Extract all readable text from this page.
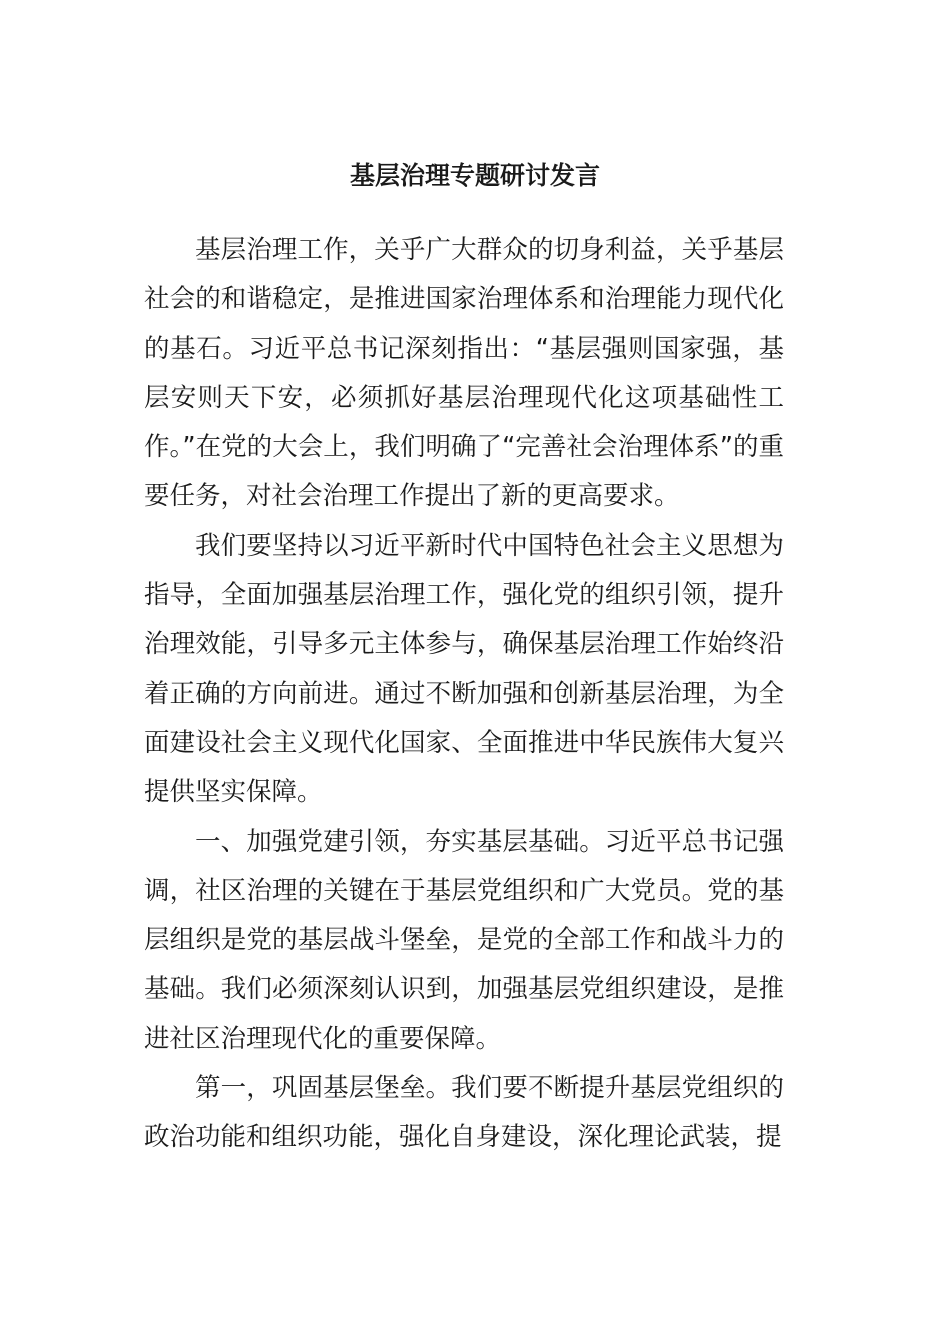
基层治理专题研讨发言

基层治理工作，关乎广大群众的切身利益，关乎基层社会的和谐稳定，是推进国家治理体系和治理能力现代化的基石。习近平总书记深刻指出：“基层强则国家强，基层安则天下安，必须抓好基层治理现代化这项基础性工作。”在党的大会上，我们明确了“完善社会治理体系”的重要任务，对社会治理工作提出了新的更高要求。

我们要坚持以习近平新时代中国特色社会主义思想为指导，全面加强基层治理工作，强化党的组织引领，提升治理效能，引导多元主体参与，确保基层治理工作始终沿着正确的方向前进。通过不断加强和创新基层治理，为全面建设社会主义现代化国家、全面推进中华民族伟大复兴提供坚实保障。

一、加强党建引领，夯实基层基础。习近平总书记强调，社区治理的关键在于基层党组织和广大党员。党的基层组织是党的基层战斗堡垒，是党的全部工作和战斗力的基础。我们必须深刻认识到，加强基层党组织建设，是推进社区治理现代化的重要保障。

第一，巩固基层堡垒。我们要不断提升基层党组织的政治功能和组织功能，强化自身建设，深化理论武装，提
